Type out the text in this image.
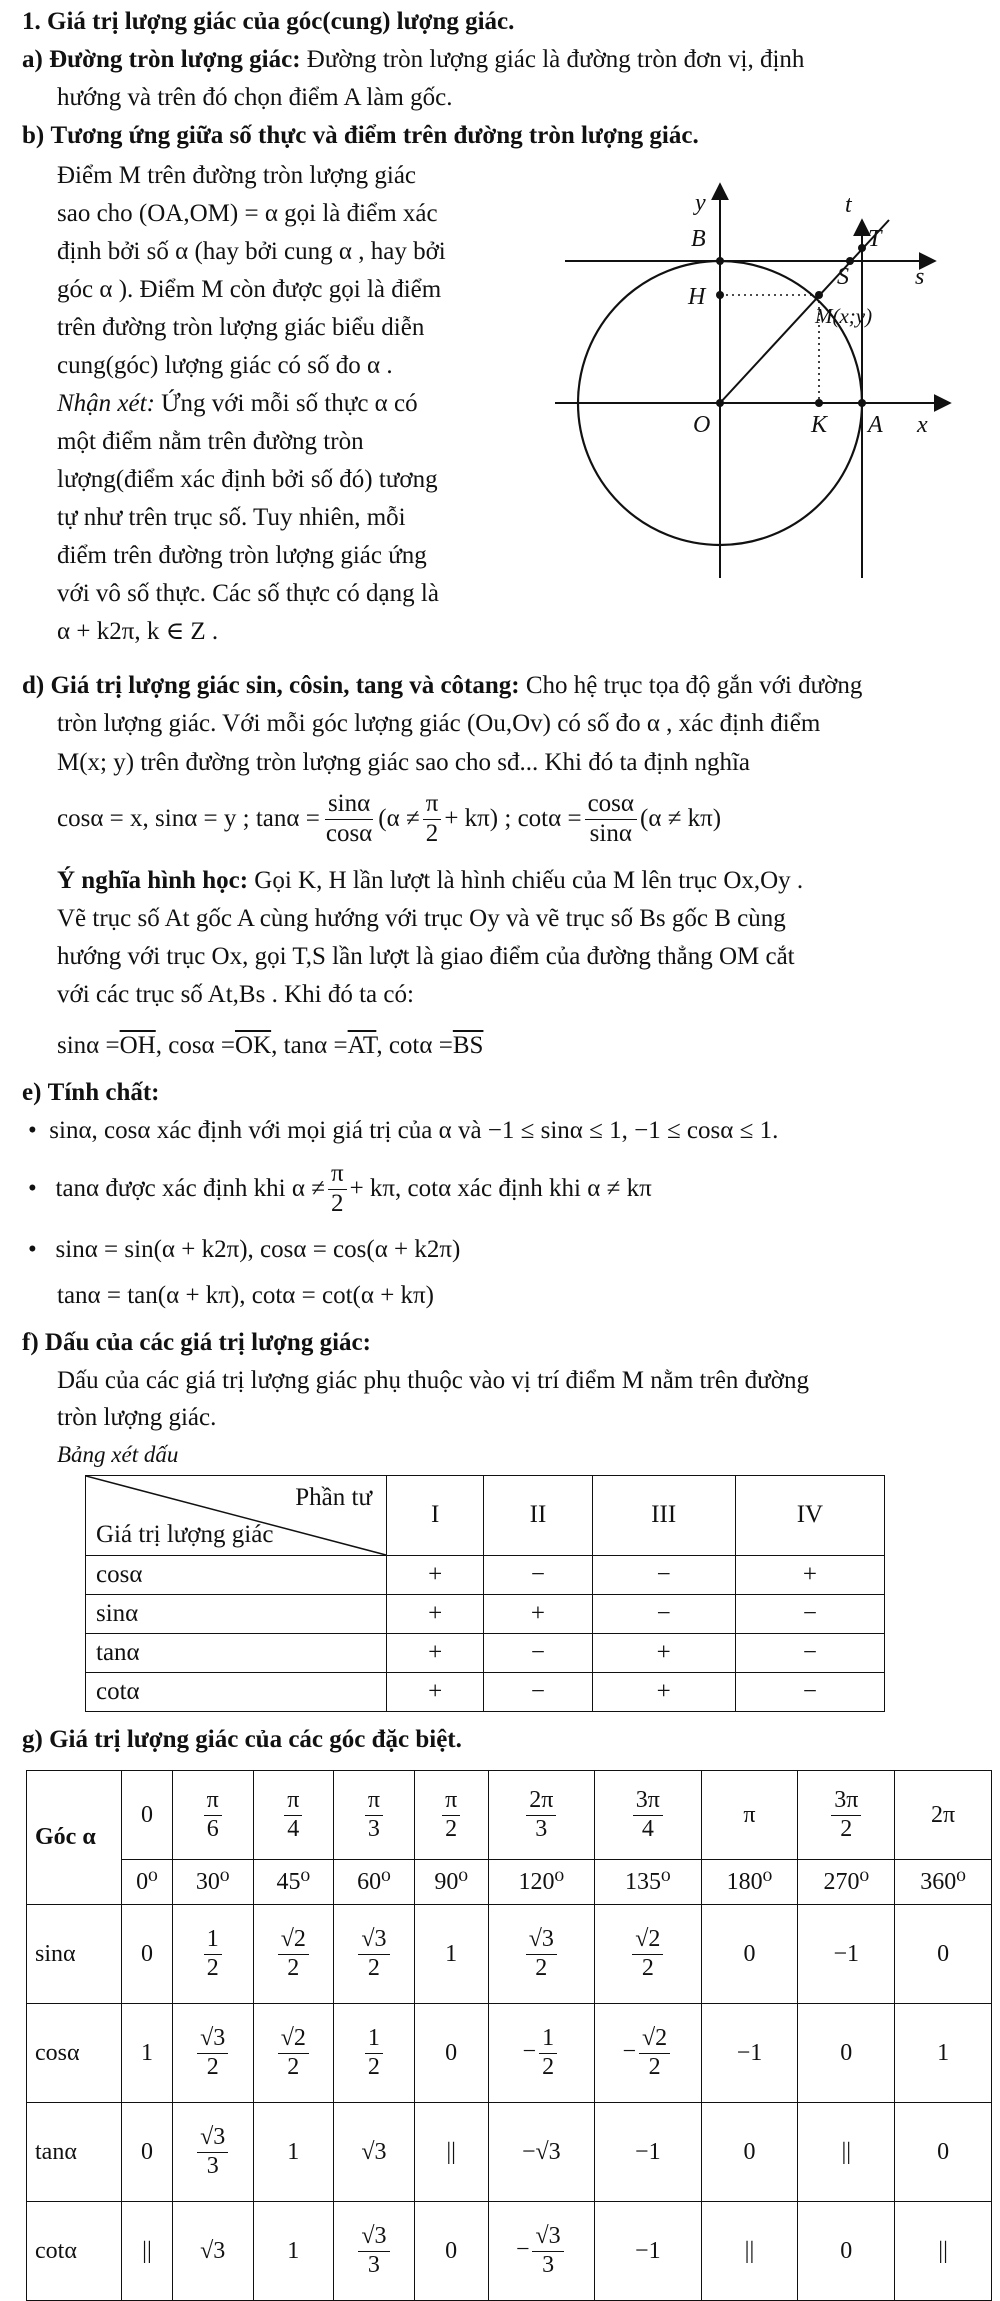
1. Giá trị lượng giác của góc(cung) lượng giác.
a) Đường tròn lượng giác: Đường tròn lượng giác là đường tròn đơn vị, định
hướng và trên đó chọn điểm A làm gốc.
b) Tương ứng giữa số thực và điểm trên đường tròn lượng giác.
Điểm M trên đường tròn lượng giác
sao cho (OA,OM) = α gọi là điểm xác
định bởi số α (hay bởi cung α , hay bởi
góc α ). Điểm M còn được gọi là điểm
trên đường tròn lượng giác biểu diễn
cung(góc) lượng giác có số đo α .
Nhận xét: Ứng với mỗi số thực α có
một điểm nằm trên đường tròn
lượng(điểm xác định bởi số đó) tương
tự như trên trục số. Tuy nhiên, mỗi
điểm trên đường tròn lượng giác ứng
với vô số thực. Các số thực có dạng là
α + k2π, k ∈ Z .
y	t
B	T
S	s
H
M(x;y)
O	K A x
d) Giá trị lượng giác sin, côsin, tang và côtang: Cho hệ trục tọa độ gắn với đường
tròn lượng giác. Với mỗi góc lượng giác (Ou,Ov) có số đo α , xác định điểm
M(x; y) trên đường tròn lượng giác sao cho sđ... Khi đó ta định nghĩa
cosα = x,
sinα = y ;
$\tan\alpha = \frac{\sin\alpha}{\cos\alpha} (\alpha \ne \frac{\pi}{2} + k\pi)$ ;
$\cot\alpha = \frac{\cos\alpha}{\sin\alpha} (\alpha \ne k\pi)$
Ý nghĩa hình học: Gọi K, H lần lượt là hình chiếu của M lên trục Ox,Oy .
Vẽ trục số At gốc A cùng hướng với trục Oy và vẽ trục số Bs gốc B cùng
hướng với trục Ox, gọi T,S lần lượt là giao điểm của đường thẳng OM cắt
với các trục số At,Bs . Khi đó ta có:
$\sin\alpha =\overline{OH}$, $\cos\alpha =\overline{OK}$, $\tan\alpha =\overline{AT}$, $\cot\alpha =\overline{BS}$
e) Tính chất:
• sinα, cosα xác định với mọi giá trị của α và −1 ≤ sinα ≤ 1, −1 ≤ cosα ≤ 1.
•
tanα được xác định khi $\alpha \ne \frac{\pi}{2} + k\pi$, cotα xác định khi α ≠ kπ
• sinα = sin(α + k2π), cosα = cos(α + k2π)
tanα = tan(α + kπ), cotα = cot(α + kπ)
f) Dấu của các giá trị lượng giác:
Dấu của các giá trị lượng giác phụ thuộc vào vị trí điểm M nằm trên đường
tròn lượng giác.
Bảng xét dấu
Phần tư
Giá trị lượng giác	I	II	III	IV
cosα	+	−	−	+
sinα	+	+	−	−
tanα	+	−	+	−
cotα	+	−	+	−
g) Giá trị lượng giác của các góc đặc biệt.
Góc α	0	$\frac{\pi}{6}$	$\frac{\pi}{4}$	$\frac{\pi}{3}$	$\frac{\pi}{2}$	$\frac{2\pi}{3}$	$\frac{3\pi}{4}$	π	$\frac{3\pi}{2}$	2π
	0⁰	30⁰	45⁰	60⁰	90⁰	120⁰	135⁰	180⁰	270⁰	360⁰
sinα	0	$\frac{1}{2}$	$\frac{√2}{2}$	$\frac{√3}{2}$	1	$\frac{√3}{2}$	$\frac{√2}{2}$	0	−1	0
cosα	1	$\frac{√3}{2}$	$\frac{√2}{2}$	$\frac{1}{2}$	0	− $\frac{1}{2}$	− $\frac{√2}{2}$	−1	0	1
tanα	0	$\frac{√3}{3}$	1	√3	||	−√3	−1	0	||	0
cotα	||	√3	1	$\frac{√3}{3}$	0	− $\frac{√3}{3}$	−1	||	0	||
